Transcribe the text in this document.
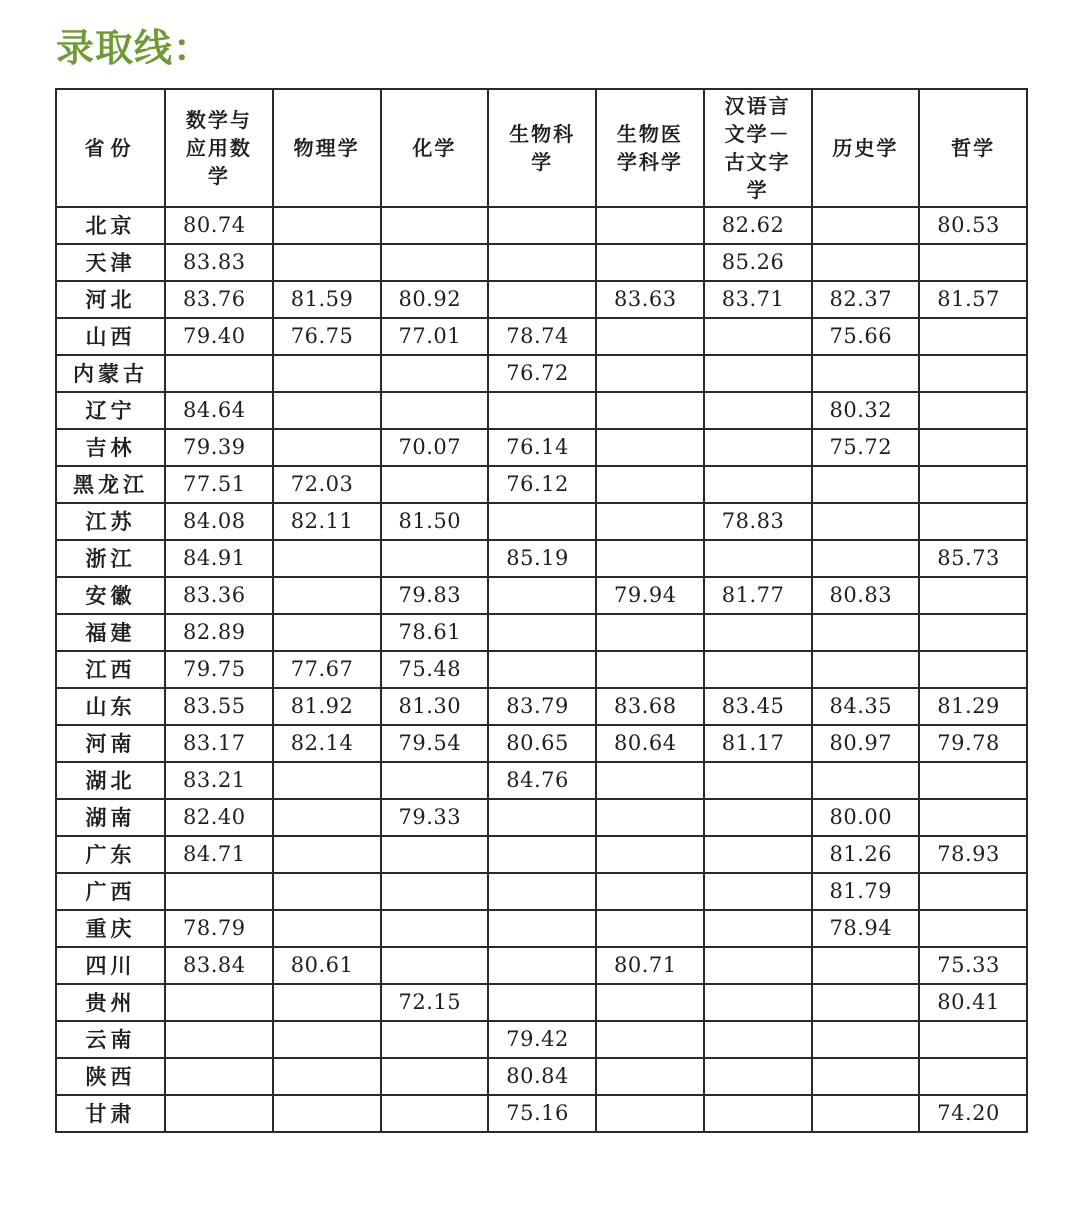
录取线：
省份	数学与应用数学	物理学	化学	生物科学	生物医学科学	汉语言文学－古文字学	历史学	哲学
北京	80.74					82.62		80.53
天津	83.83					85.26		
河北	83.76	81.59	80.92		83.63	83.71	82.37	81.57
山西	79.40	76.75	77.01	78.74			75.66	
内蒙古				76.72				
辽宁	84.64						80.32	
吉林	79.39		70.07	76.14			75.72	
黑龙江	77.51	72.03		76.12				
江苏	84.08	82.11	81.50			78.83		
浙江	84.91			85.19				85.73
安徽	83.36		79.83		79.94	81.77	80.83	
福建	82.89		78.61					
江西	79.75	77.67	75.48					
山东	83.55	81.92	81.30	83.79	83.68	83.45	84.35	81.29
河南	83.17	82.14	79.54	80.65	80.64	81.17	80.97	79.78
湖北	83.21			84.76				
湖南	82.40		79.33				80.00	
广东	84.71						81.26	78.93
广西							81.79	
重庆	78.79						78.94	
四川	83.84	80.61			80.71			75.33
贵州			72.15					80.41
云南				79.42				
陕西				80.84				
甘肃				75.16				74.20
